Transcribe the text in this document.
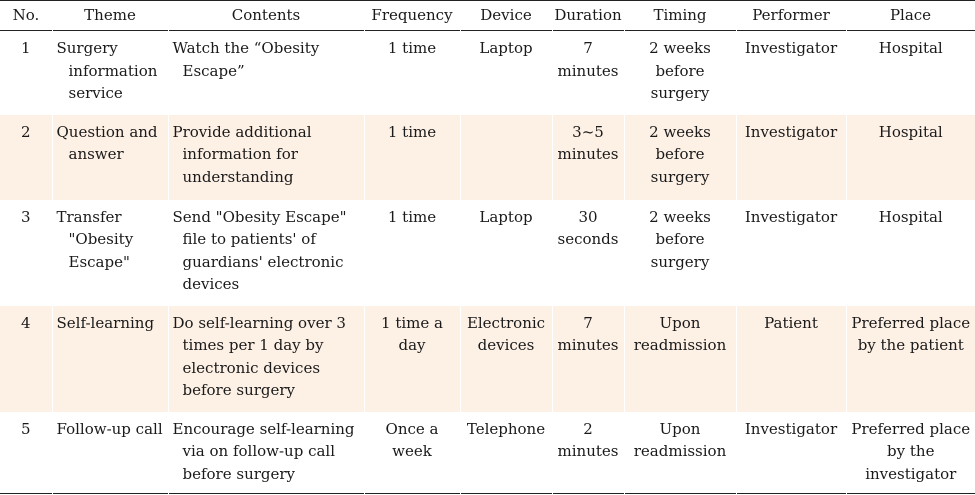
No.	Theme	Contents	Frequency	Device	Duration	Timing	Performer	Place
1	Surgery information service	Watch the “Obesity Escape”	1 time	Laptop	7 minutes	2 weeks before surgery	Investigator	Hospital
2	Question and answer	Provide additional information for understanding	1 time		3~5 minutes	2 weeks before surgery	Investigator	Hospital
3	Transfer "Obesity Escape"	Send "Obesity Escape" file to patients' of guardians' electronic devices	1 time	Laptop	30 seconds	2 weeks before surgery	Investigator	Hospital
4	Self-learning	Do self-learning over 3 times per 1 day by electronic devices before surgery	1 time a day	Electronic devices	7 minutes	Upon readmission	Patient	Preferred place by the patient
5	Follow-up call	Encourage self-learning via on follow-up call before surgery	Once a week	Telephone	2 minutes	Upon readmission	Investigator	Preferred place by the investigator
